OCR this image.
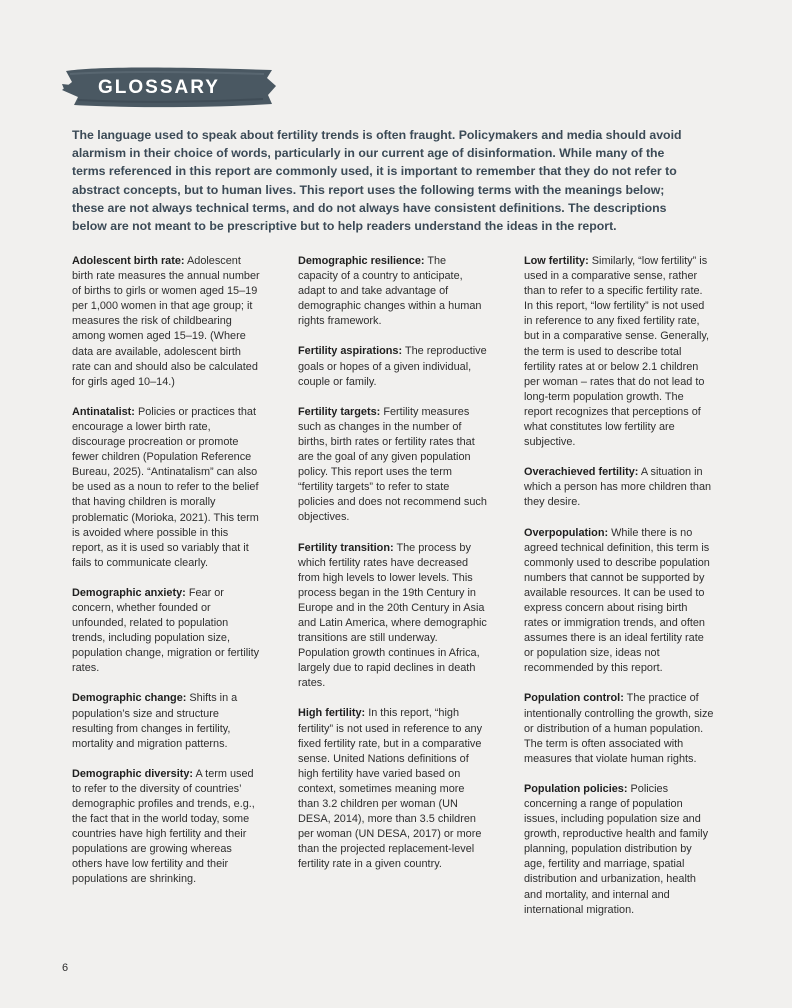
GLOSSARY

The language used to speak about fertility trends is often fraught. Policymakers and media should avoid alarmism in their choice of words, particularly in our current age of disinformation. While many of the terms referenced in this report are commonly used, it is important to remember that they do not refer to abstract concepts, but to human lives. This report uses the following terms with the meanings below; these are not always technical terms, and do not always have consistent definitions. The descriptions below are not meant to be prescriptive but to help readers understand the ideas in the report.

Adolescent birth rate: Adolescent birth rate measures the annual number of births to girls or women aged 15–19 per 1,000 women in that age group; it measures the risk of childbearing among women aged 15–19. (Where data are available, adolescent birth rate can and should also be calculated for girls aged 10–14.)

Antinatalist: Policies or practices that encourage a lower birth rate, discourage procreation or promote fewer children (Population Reference Bureau, 2025). “Antinatalism” can also be used as a noun to refer to the belief that having children is morally problematic (Morioka, 2021). This term is avoided where possible in this report, as it is used so variably that it fails to communicate clearly.

Demographic anxiety: Fear or concern, whether founded or unfounded, related to population trends, including population size, population change, migration or fertility rates.

Demographic change: Shifts in a population’s size and structure resulting from changes in fertility, mortality and migration patterns.

Demographic diversity: A term used to refer to the diversity of countries’ demographic profiles and trends, e.g., the fact that in the world today, some countries have high fertility and their populations are growing whereas others have low fertility and their populations are shrinking.

Demographic resilience: The capacity of a country to anticipate, adapt to and take advantage of demographic changes within a human rights framework.

Fertility aspirations: The reproductive goals or hopes of a given individual, couple or family.

Fertility targets: Fertility measures such as changes in the number of births, birth rates or fertility rates that are the goal of any given population policy. This report uses the term “fertility targets” to refer to state policies and does not recommend such objectives.

Fertility transition: The process by which fertility rates have decreased from high levels to lower levels. This process began in the 19th Century in Europe and in the 20th Century in Asia and Latin America, where demographic transitions are still underway. Population growth continues in Africa, largely due to rapid declines in death rates.

High fertility: In this report, “high fertility” is not used in reference to any fixed fertility rate, but in a comparative sense. United Nations definitions of high fertility have varied based on context, sometimes meaning more than 3.2 children per woman (UN DESA, 2014), more than 3.5 children per woman (UN DESA, 2017) or more than the projected replacement-level fertility rate in a given country.

Low fertility: Similarly, “low fertility” is used in a comparative sense, rather than to refer to a specific fertility rate. In this report, “low fertility” is not used in reference to any fixed fertility rate, but in a comparative sense. Generally, the term is used to describe total fertility rates at or below 2.1 children per woman – rates that do not lead to long-term population growth. The report recognizes that perceptions of what constitutes low fertility are subjective.

Overachieved fertility: A situation in which a person has more children than they desire.

Overpopulation: While there is no agreed technical definition, this term is commonly used to describe population numbers that cannot be supported by available resources. It can be used to express concern about rising birth rates or immigration trends, and often assumes there is an ideal fertility rate or population size, ideas not recommended by this report.

Population control: The practice of intentionally controlling the growth, size or distribution of a human population. The term is often associated with measures that violate human rights.

Population policies: Policies concerning a range of population issues, including population size and growth, reproductive health and family planning, population distribution by age, fertility and marriage, spatial distribution and urbanization, health and mortality, and internal and international migration.

6
